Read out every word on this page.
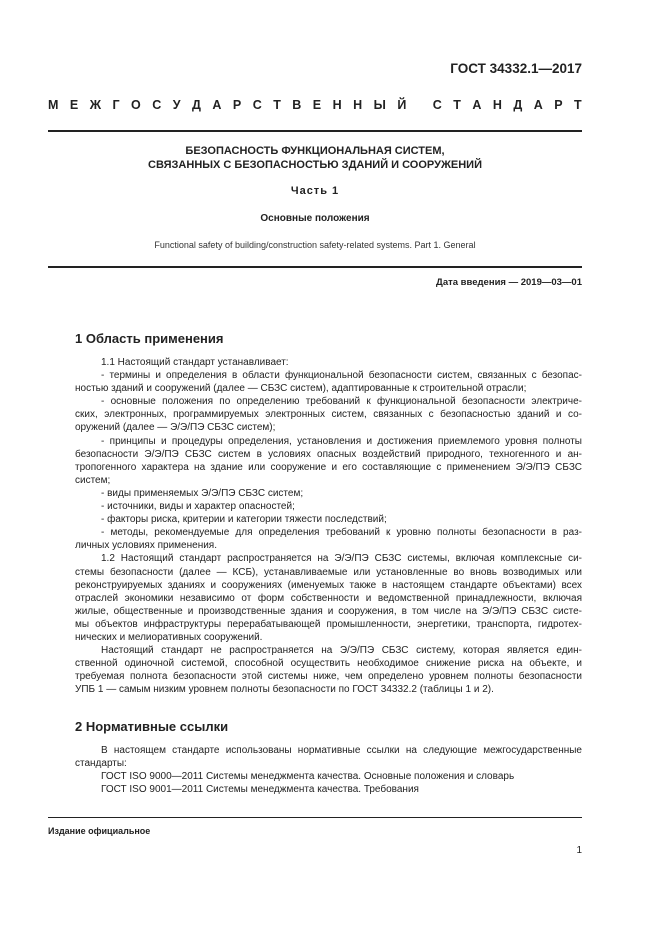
ГОСТ 34332.1—2017
М Е Ж Г О С У Д А Р С Т В Е Н Н Ы Й
С Т А Н Д А Р Т
БЕЗОПАСНОСТЬ ФУНКЦИОНАЛЬНАЯ СИСТЕМ,
СВЯЗАННЫХ С БЕЗОПАСНОСТЬЮ ЗДАНИЙ И СООРУЖЕНИЙ
Часть 1
Основные положения
Functional safety of building/construction safety-related systems. Part 1. General
Дата введения — 2019—03—01
1 Область применения
1.1 Настоящий стандарт устанавливает:
- термины и определения в области функциональной безопасности систем, связанных с безопас-
ностью зданий и сооружений (далее — СБЗС систем), адаптированные к строительной отрасли;
- основные положения по определению требований к функциональной безопасности электриче-
ских, электронных, программируемых электронных систем, связанных с безопасностью зданий и со-
оружений (далее — Э/Э/ПЭ СБЗС систем);
- принципы и процедуры определения, установления и достижения приемлемого уровня полноты
безопасности Э/Э/ПЭ СБЗС систем в условиях опасных воздействий природного, техногенного и ан-
тропогенного характера на здание или сооружение и его составляющие с применением Э/Э/ПЭ СБЗС
систем;
- виды применяемых Э/Э/ПЭ СБЗС систем;
- источники, виды и характер опасностей;
- факторы риска, критерии и категории тяжести последствий;
- методы, рекомендуемые для определения требований к уровню полноты безопасности в раз-
личных условиях применения.
1.2 Настоящий стандарт распространяется на Э/Э/ПЭ СБЗС системы, включая комплексные си-
стемы безопасности (далее — КСБ), устанавливаемые или установленные во вновь возводимых или
реконструируемых зданиях и сооружениях (именуемых также в настоящем стандарте объектами) всех
отраслей экономики независимо от форм собственности и ведомственной принадлежности, включая
жилые, общественные и производственные здания и сооружения, в том числе на Э/Э/ПЭ СБЗС систе-
мы объектов инфраструктуры перерабатывающей промышленности, энергетики, транспорта, гидротех-
нических и мелиоративных сооружений.
Настоящий стандарт не распространяется на Э/Э/ПЭ СБЗС систему, которая является един-
ственной одиночной системой, способной осуществить необходимое снижение риска на объекте, и
требуемая полнота безопасности этой системы ниже, чем определено уровнем полноты безопасности
УПБ 1 — самым низким уровнем полноты безопасности по ГОСТ 34332.2 (таблицы 1 и 2).
2 Нормативные ссылки
В настоящем стандарте использованы нормативные ссылки на следующие межгосударственные
стандарты:
ГОСТ ISO 9000—2011 Системы менеджмента качества. Основные положения и словарь
ГОСТ ISO 9001—2011 Системы менеджмента качества. Требования
Издание официальное
1
